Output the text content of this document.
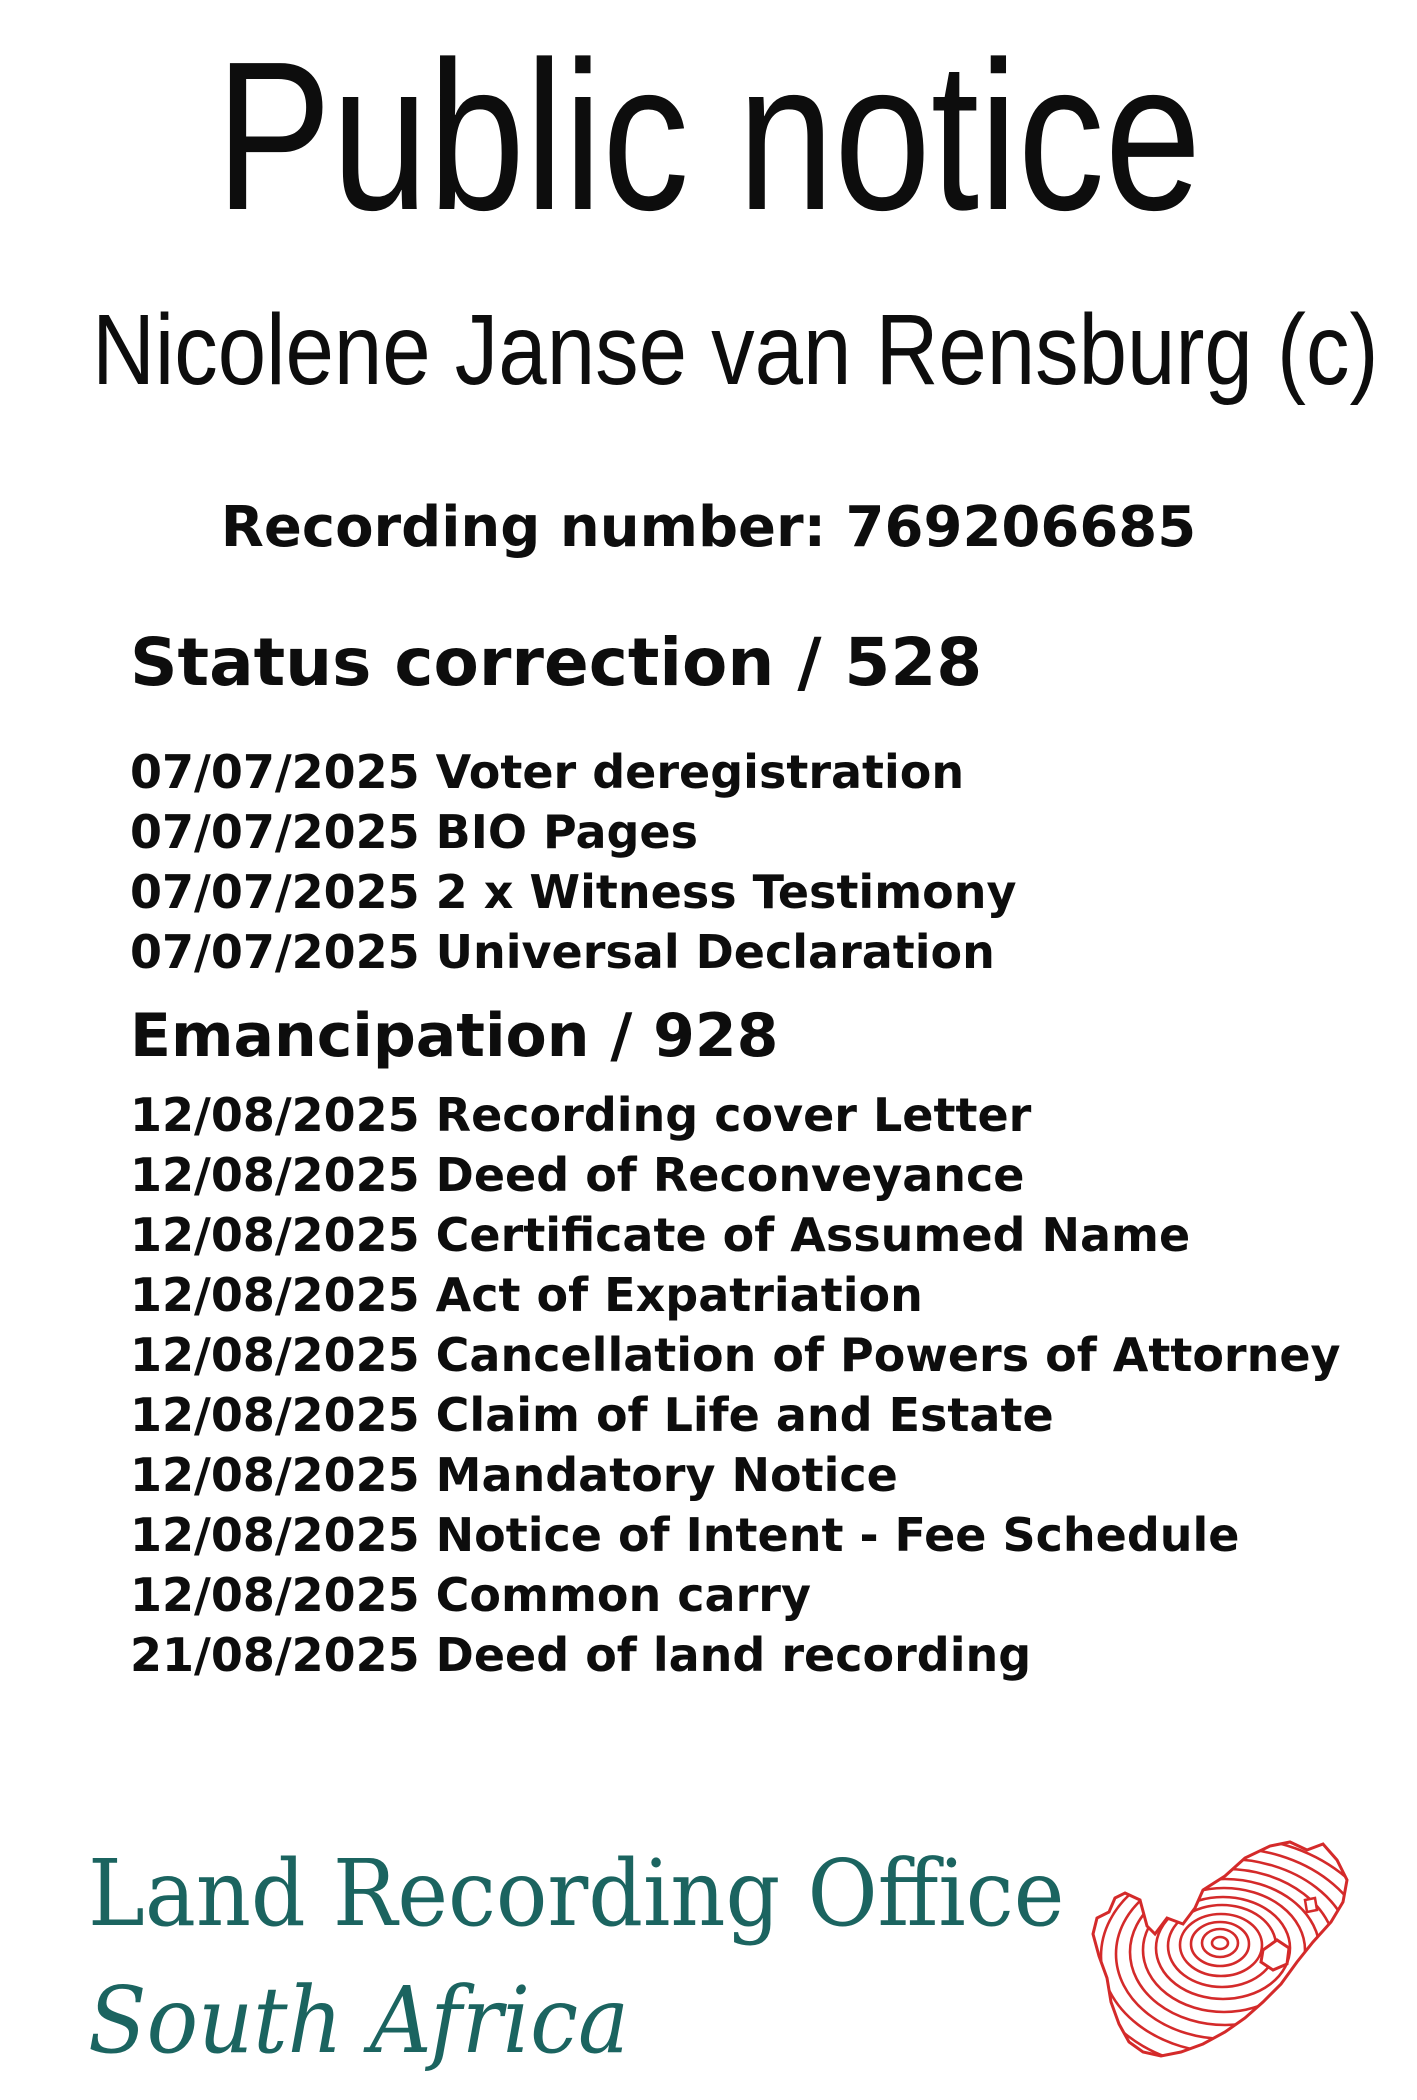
Public notice
Nicolene Janse van Rensburg (c)
Recording number: 769206685
Status correction / 528
07/07/2025 Voter deregistration
07/07/2025 BIO Pages
07/07/2025 2 x Witness Testimony
07/07/2025 Universal Declaration
Emancipation / 928
12/08/2025 Recording cover Letter
12/08/2025 Deed of Reconveyance
12/08/2025 Certificate of Assumed Name
12/08/2025 Act of Expatriation
12/08/2025 Cancellation of Powers of Attorney
12/08/2025 Claim of Life and Estate
12/08/2025 Mandatory Notice
12/08/2025 Notice of Intent - Fee Schedule
12/08/2025 Common carry
21/08/2025 Deed of land recording
Land Recording Office
South Africa
